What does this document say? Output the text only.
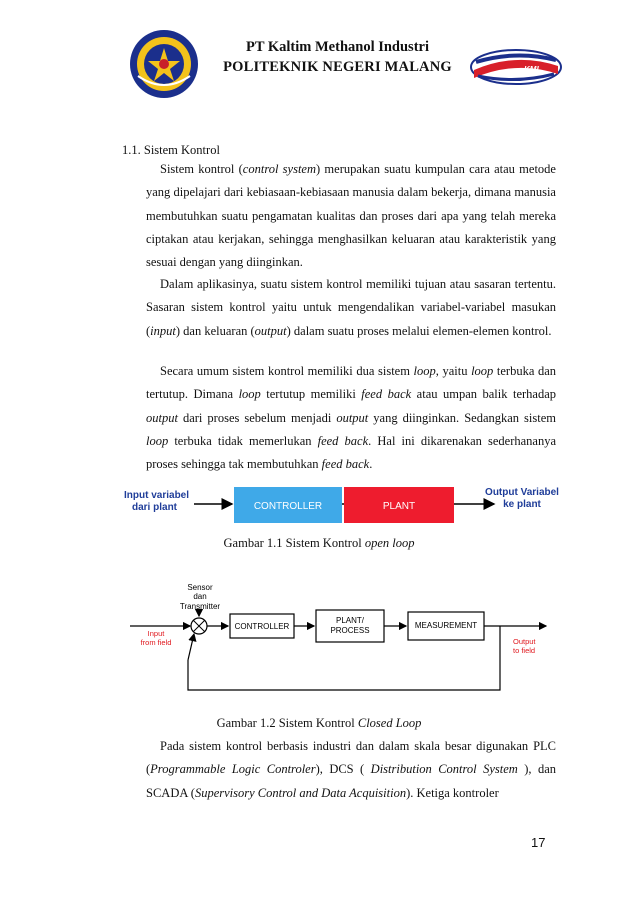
PT Kaltim Methanol Industri
POLITEKNIK NEGERI MALANG	KMI
1.1. Sistem Kontrol

Sistem kontrol (control system) merupakan suatu kumpulan cara atau metode yang dipelajari dari kebiasaan-kebiasaan manusia dalam bekerja, dimana manusia membutuhkan suatu pengamatan kualitas dan proses dari apa yang telah mereka ciptakan atau kerjakan, sehingga menghasilkan keluaran atau karakteristik yang sesuai dengan yang diinginkan.

Dalam aplikasinya, suatu sistem kontrol memiliki tujuan atau sasaran tertentu. Sasaran sistem kontrol yaitu untuk mengendalikan variabel-variabel masukan (input) dan keluaran (output) dalam suatu proses melalui elemen-elemen kontrol.

Secara umum sistem kontrol memiliki dua sistem loop, yaitu loop terbuka dan tertutup. Dimana loop tertutup memiliki feed back atau umpan balik terhadap output dari proses sebelum menjadi output yang diinginkan. Sedangkan sistem loop terbuka tidak memerlukan feed back. Hal ini dikarenakan sederhananya proses sehingga tak membutuhkan feed back.

Input variabel
dari plant	CONTROLLER	PLANT
Output Variabel
ke plant
Gambar 1.1 Sistem Kontrol open loop
Sensor
dan
Transmitter
Input
from field
CONTROLLER
PLANT/
PROCESS
MEASUREMENT
Output
to field
Gambar 1.2 Sistem Kontrol Closed Loop

Pada sistem kontrol berbasis industri dan dalam skala besar digunakan PLC (Programmable Logic Controler), DCS ( Distribution Control System ), dan SCADA (Supervisory Control and Data Acquisition). Ketiga kontroler

17
